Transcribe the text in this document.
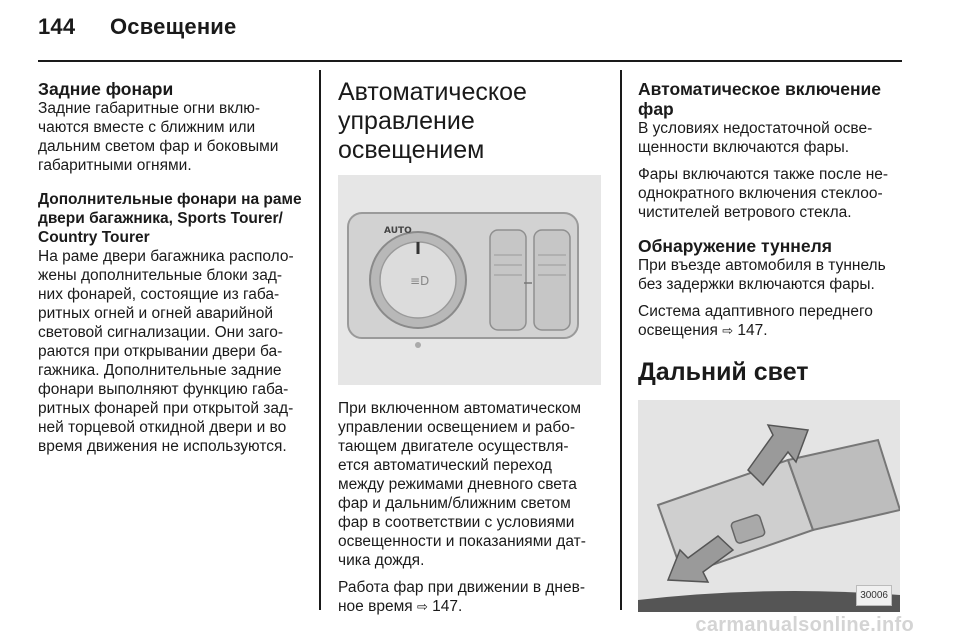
144 Освещение

Задние фонари

Задние габаритные огни вклю-

чаются вместе с ближним или

дальним светом фар и боковыми

габаритными огнями.

Дополнительные фонари на раме

двери багажника, Sports Tourer/

Country Tourer

На раме двери багажника располо-

жены дополнительные блоки зад-

них фонарей, состоящие из габа-

ритных огней и огней аварийной

световой сигнализации. Они заго-

раются при открывании двери ба-

гажника. Дополнительные задние

фонари выполняют функцию габа-

ритных фонарей при открытой зад-

ней торцевой откидной двери и во

время движения не используются.

Автоматическое

управление освещением

≡D
AUTO

При включенном автоматическом

управлении освещением и рабо-

тающем двигателе осуществля-

ется автоматический переход

между режимами дневного света

фар и дальним/ближним светом

фар в соответствии с условиями

освещенности и показаниями дат-

чика дождя.

Работа фар при движении в днев-

ное время ⇨ 147.

Автоматическое включение

фар

В условиях недостаточной осве-

щенности включаются фары.

Фары включаются также после не-

однократного включения стеклоо-

чистителей ветрового стекла.

Обнаружение туннеля

При въезде автомобиля в туннель

без задержки включаются фары.

Система адаптивного переднего

освещения ⇨ 147.

Дальний свет

30006
carmanualsonline.info
